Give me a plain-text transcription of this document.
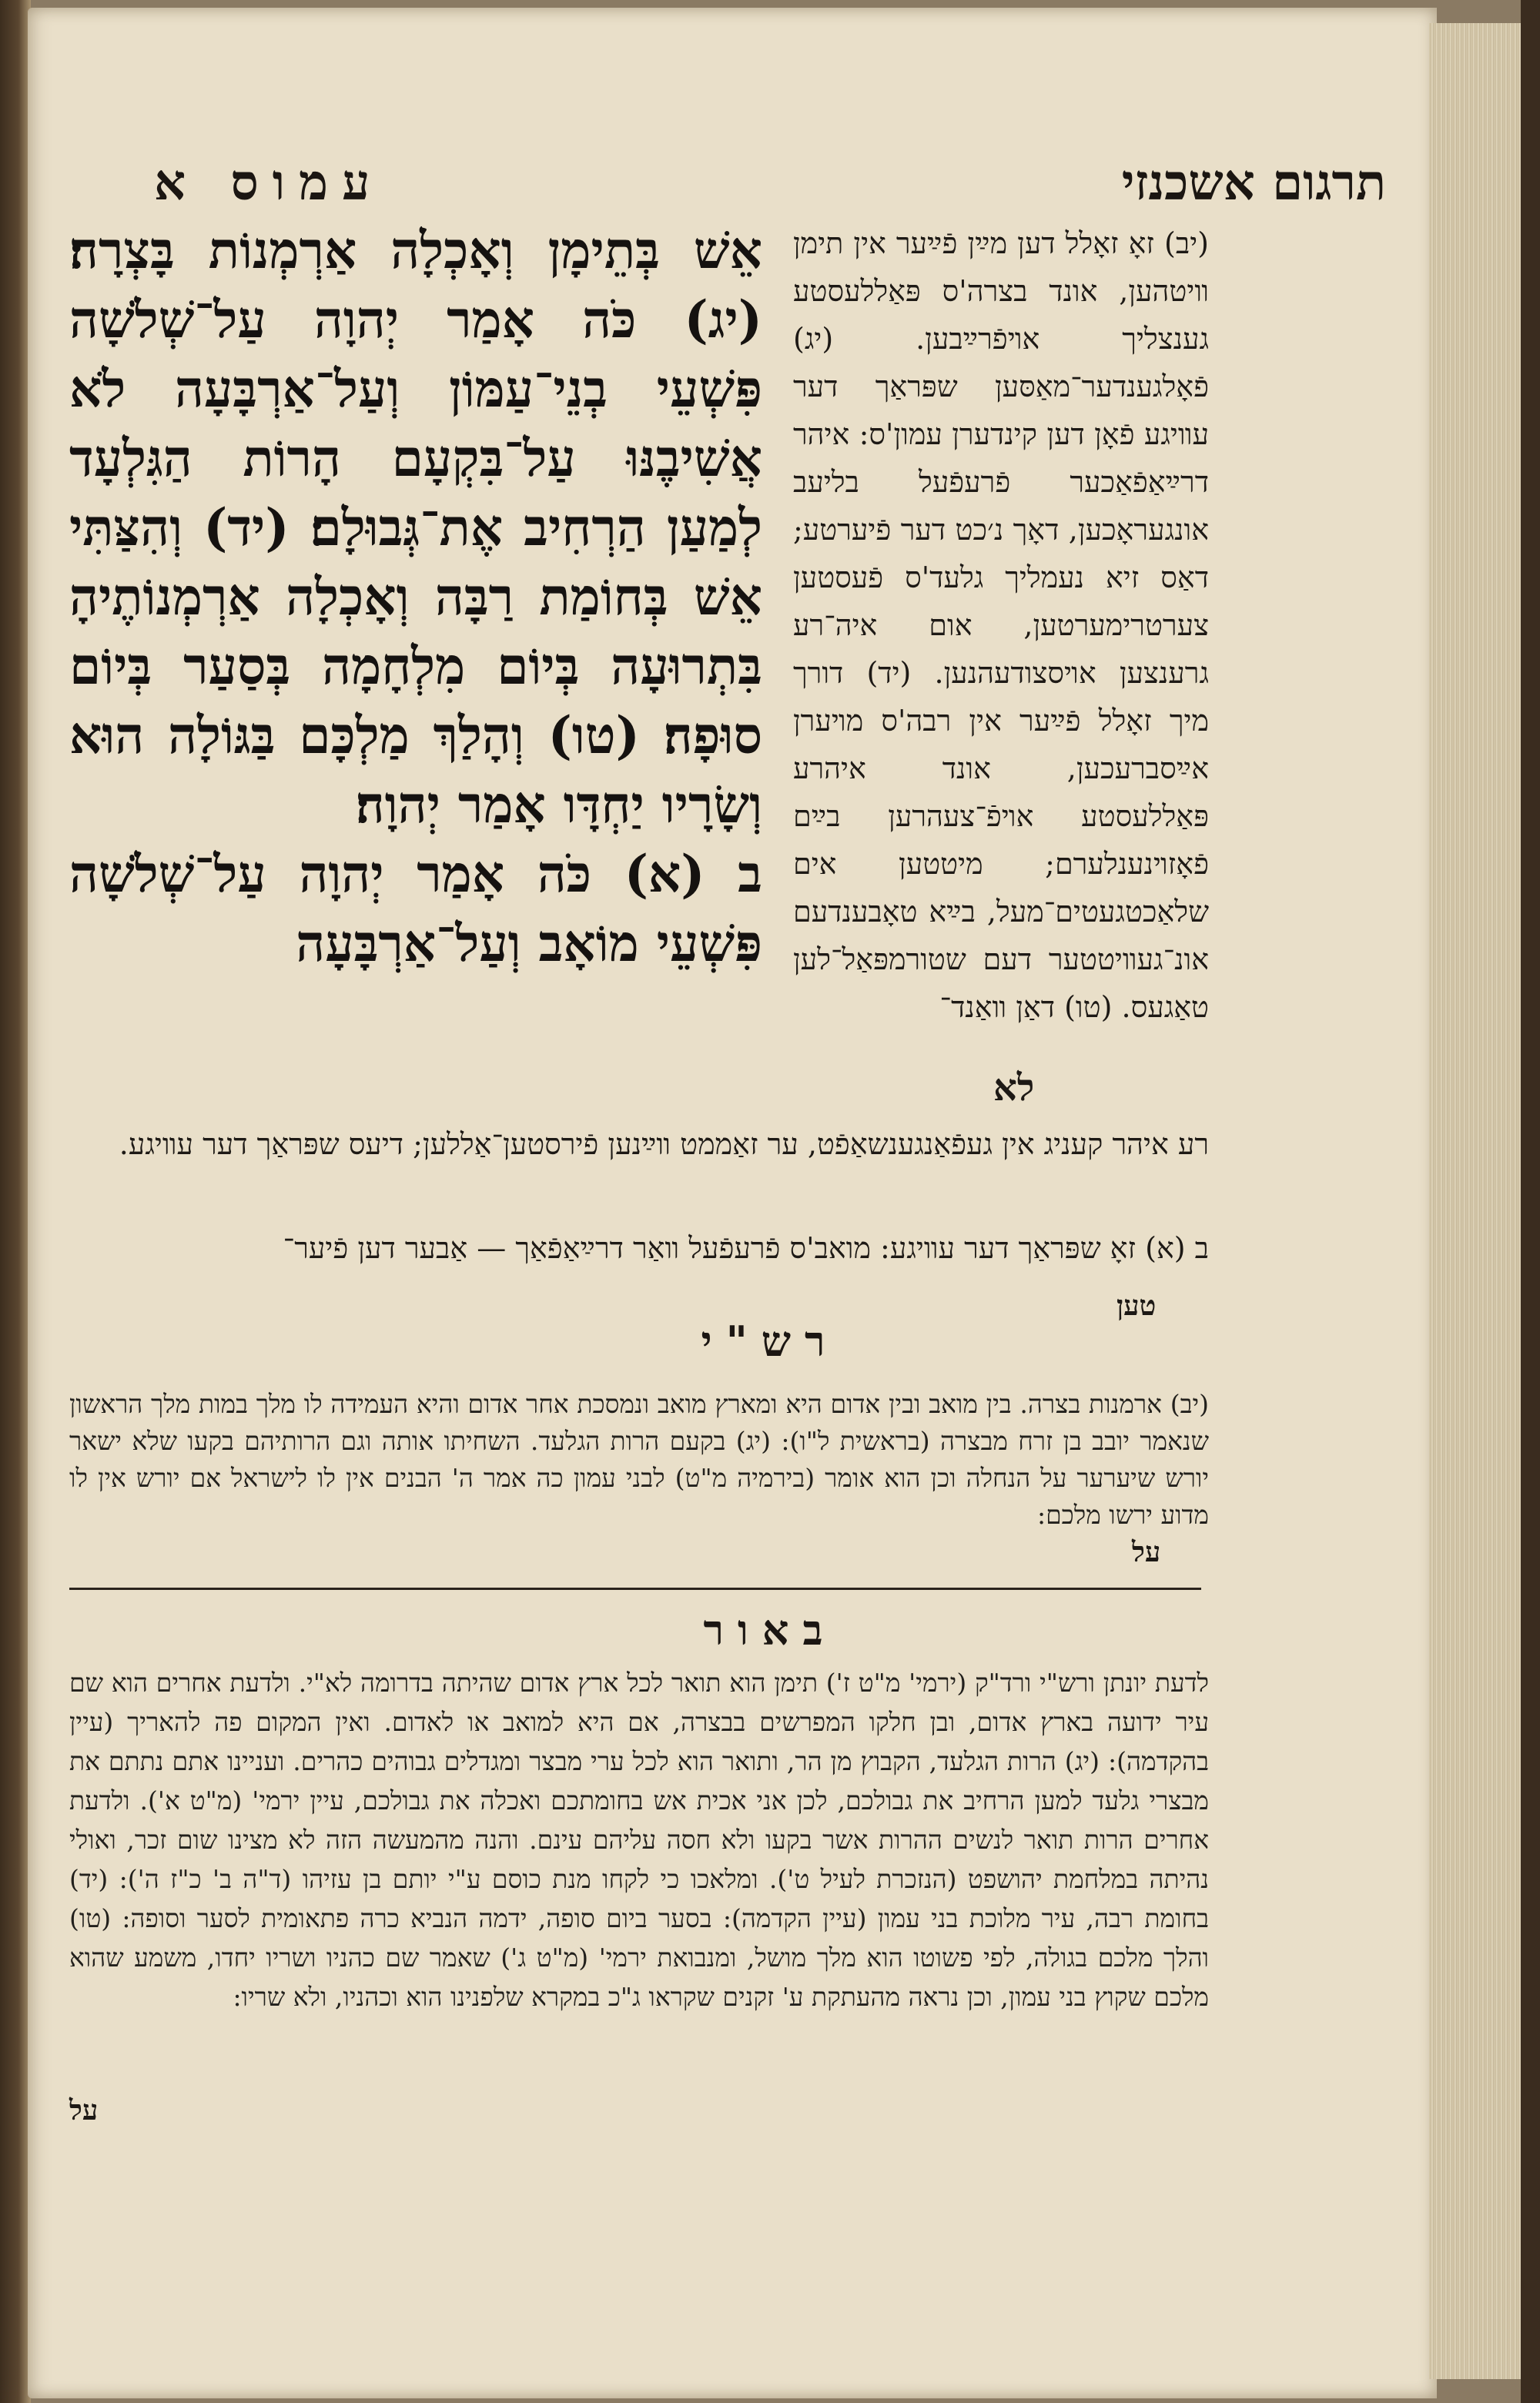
תרגום אשכנזי
עמוס א

אֵשׁ בְּתֵימָן וְאָכְלָה אַרְמְנוֹת בָּצְרָה׃ (יג) כֹּה אָמַר יְהוָה עַל־שְׁלֹשָׁה פִּשְׁעֵי בְנֵי־עַמּוֹן וְעַל־אַרְבָּעָה לֹא אֲשִׁיבֶנּוּ עַל־בִּקְעָם הָרוֹת הַגִּלְעָד לְמַעַן הַרְחִיב אֶת־גְּבוּלָם׃ (יד) וְהִצַּתִּי אֵשׁ בְּחוֹמַת רַבָּה וְאָכְלָה אַרְמְנוֹתֶיהָ בִּתְרוּעָה בְּיוֹם מִלְחָמָה בְּסַעַר בְּיוֹם סוּפָה׃ (טו) וְהָלַךְ מַלְכָּם בַּגּוֹלָה הוּא וְשָׂרָיו יַחְדָּו אָמַר יְהוָה׃

ב (א) כֹּה אָמַר יְהוָה עַל־שְׁלֹשָׁה פִּשְׁעֵי מוֹאָב וְעַל־אַרְבָּעָה

לא

(יב) זאָ זאָלל דען מײַן פֿײַער אין תימן װיטהען, אונד בצרה'ס פּאַללעסטע גענצליך אױפֿרײַבען. (יג) פֿאָלגענדער־מאַסּען שפּראַך דער עװיגע פֿאָן דען קינדערן עמון'ס: איהר דרײַאַפֿאַכער פֿרעפֿעל בליעב אונגעראָכען, דאָך נ׳כט דער פֿיערטע; דאַס זיא נעמליך גלעד'ס פֿעסטען צערטרימערטען, אום איה־רע גרענצען אױסצודעהנען. (יד) דורך מיך זאָלל פֿײַער אין רבה'ס מױערן אײַסברעכען, אונד איהרע פּאַללעסטע אױפֿ־צעהרען בײַם פֿאָזױנענלערם; מיטטען אים שלאַכטגעטים־מעל, בײַא טאָבענדעם אונ־געװיטטער דעם שטורמפּאַל־לען טאַגעס. (טו) דאַן װאַנד־

רע איהר קעניג אין געפֿאַנגענשאַפֿט, ער זאַממט װײַנען פֿירסטען־אַללען; דיעס שפּראַך דער עװיגע.

ב (א) זאָ שפּראַך דער עװיגע: מואב'ס פֿרעפֿעל װאַר דרײַאַפֿאַך — אַבער דען פֿיער־

טען
רש"י

(יב) ארמנות בצרה. בין מואב ובין אדום היא ומארץ מואב ונמסכת אחר אדום והיא העמידה לו מלך במות מלך הראשון שנאמר יובב בן זרח מבצרה (בראשית ל"ו): (יג) בקעם הרות הגלעד. השחיתו אותה וגם הרותיהם בקעו שלא ישאר יורש שיערער על הנחלה וכן הוא אומר (בירמיה מ"ט) לבני עמון כה אמר ה' הבנים אין לו לישראל אם יורש אין לו מדוע ירשו מלכם:

על
באור

לדעת יונתן ורש"י ורד"ק (ירמי' מ"ט ז') תימן הוא תואר לכל ארץ אדום שהיתה בדרומה לא"י. ולדעת אחרים הוא שם עיר ידועה בארץ אדום, ובן חלקו המפרשים בבצרה, אם היא למואב או לאדום. ואין המקום פה להאריך (עיין בהקדמה): (יג) הרות הגלעד, הקבוץ מן הר, ותואר הוא לכל ערי מבצר ומגדלים גבוהים כהרים. ועניינו אתם נתתם את מבצרי גלעד למען הרחיב את גבולכם, לכן אני אכית אש בחומתכם ואכלה את גבולכם, עיין ירמי' (מ"ט א'). ולדעת אחרים הרות תואר לנשים ההרות אשר בקעו ולא חסה עליהם עינם. והנה מהמעשה הזה לא מצינו שום זכר, ואולי נהיתה במלחמת יהושפט (הנזכרת לעיל ט'). ומלאכו כי לקחו מנת כוסם ע"י יותם בן עזיהו (ד"ה ב' כ"ז ה'): (יד) בחומת רבה, עיר מלוכת בני עמון (עיין הקדמה): בסער ביום סופה, ידמה הנביא כרה פתאומית לסער וסופה: (טו) והלך מלכם בגולה, לפי פשוטו הוא מלך מושל, ומנבואת ירמי' (מ"ט ג') שאמר שם כהניו ושריו יחדו, משמע שהוא מלכם שקוץ בני עמון, וכן נראה מהעתקת ע' זקנים שקראו ג"כ במקרא שלפנינו הוא וכהניו, ולא שריו:

על
